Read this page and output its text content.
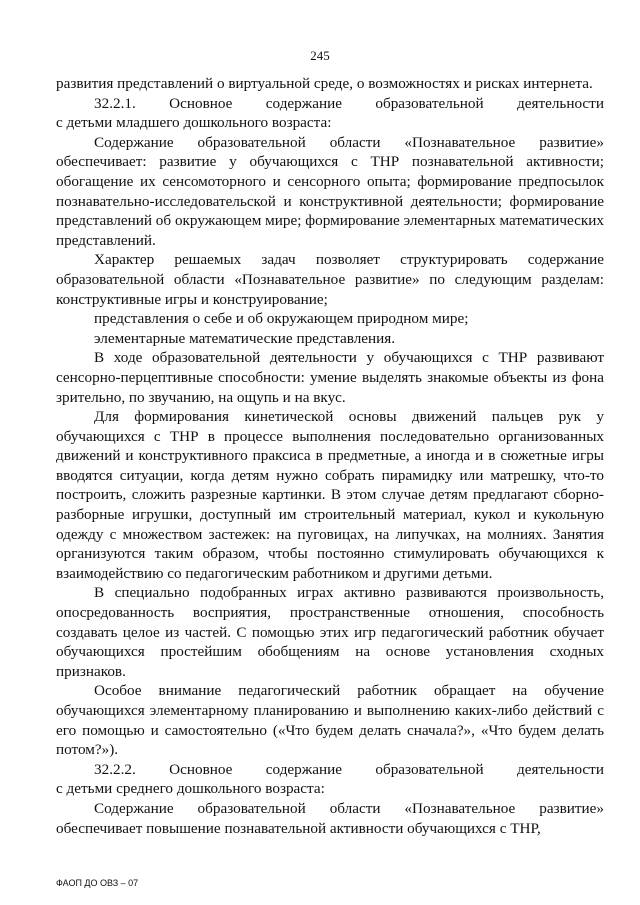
245

развития представлений о виртуальной среде, о возможностях и рисках интернета.

32.2.1. Основное содержание образовательной деятельности

с детьми младшего дошкольного возраста:

Содержание образовательной области «Познавательное развитие» обеспечивает: развитие у обучающихся с ТНР познавательной активности; обогащение их сенсомоторного и сенсорного опыта; формирование предпосылок познавательно-исследовательской и конструктивной деятельности; формирование представлений об окружающем мире; формирование элементарных математических представлений.

Характер решаемых задач позволяет структурировать содержание образовательной области «Познавательное развитие» по следующим разделам: конструктивные игры и конструирование;

представления о себе и об окружающем природном мире;

элементарные математические представления.

В ходе образовательной деятельности у обучающихся с ТНР развивают сенсорно-перцептивные способности: умение выделять знакомые объекты из фона зрительно, по звучанию, на ощупь и на вкус.

Для формирования кинетической основы движений пальцев рук у обучающихся с ТНР в процессе выполнения последовательно организованных движений и конструктивного праксиса в предметные, а иногда и в сюжетные игры вводятся ситуации, когда детям нужно собрать пирамидку или матрешку, что-то построить, сложить разрезные картинки. В этом случае детям предлагают сборно-разборные игрушки, доступный им строительный материал, кукол и кукольную одежду с множеством застежек: на пуговицах, на липучках, на молниях. Занятия организуются таким образом, чтобы постоянно стимулировать обучающихся к взаимодействию со педагогическим работником и другими детьми.

В специально подобранных играх активно развиваются произвольность, опосредованность восприятия, пространственные отношения, способность создавать целое из частей. С помощью этих игр педагогический работник обучает обучающихся простейшим обобщениям на основе установления сходных признаков.

Особое внимание педагогический работник обращает на обучение обучающихся элементарному планированию и выполнению каких-либо действий с его помощью и самостоятельно («Что будем делать сначала?», «Что будем делать потом?»).

32.2.2. Основное содержание образовательной деятельности

с детьми среднего дошкольного возраста:

Содержание образовательной области «Познавательное развитие» обеспечивает повышение познавательной активности обучающихся с ТНР,

ФАОП ДО ОВЗ – 07
